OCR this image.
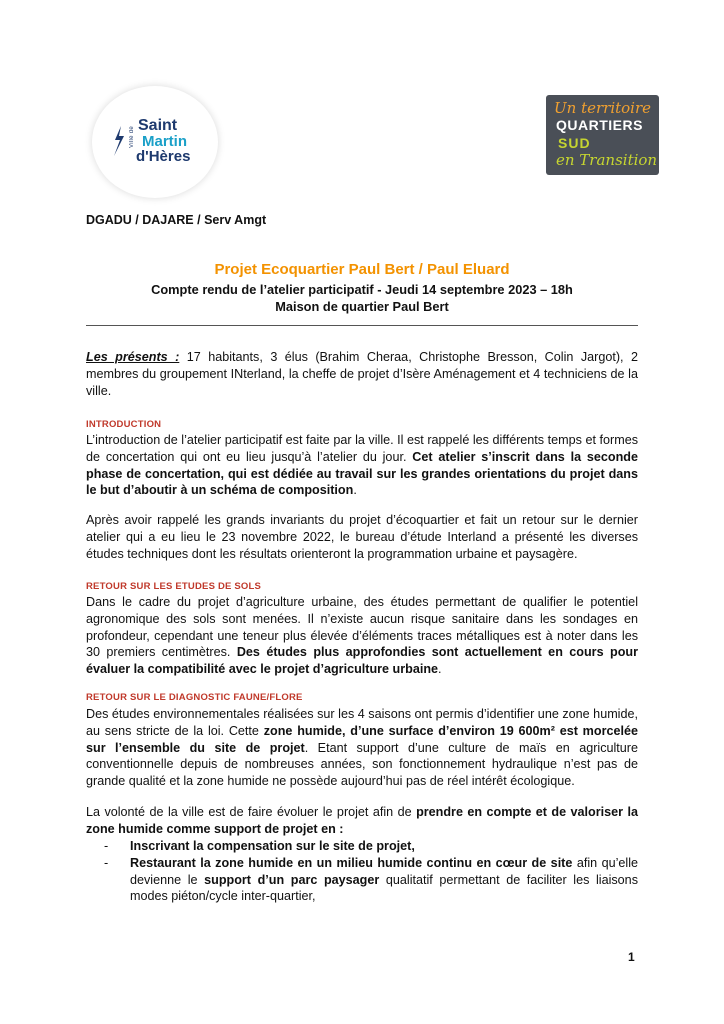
Ville de
Saint
Martin
d'Hères
Un territoire
QUARTIERS
SUD
en Transition
DGADU / DAJARE / Serv Amgt
Projet Ecoquartier Paul Bert / Paul Eluard
Compte rendu de l’atelier participatif - Jeudi 14 septembre 2023 – 18h
Maison de quartier Paul Bert
Les présents : 17 habitants, 3 élus (Brahim Cheraa, Christophe Bresson, Colin Jargot), 2 membres du groupement INterland, la cheffe de projet d’Isère Aménagement et 4 techniciens de la ville.
INTRODUCTION
L’introduction de l’atelier participatif est faite par la ville. Il est rappelé les différents temps et formes de concertation qui ont eu lieu jusqu’à l’atelier du jour. Cet atelier s’inscrit dans la seconde phase de concertation, qui est dédiée au travail sur les grandes orientations du projet dans le but d’aboutir à un schéma de composition.
Après avoir rappelé les grands invariants du projet d’écoquartier et fait un retour sur le dernier atelier qui a eu lieu le 23 novembre 2022, le bureau d’étude Interland a présenté les diverses études techniques dont les résultats orienteront la programmation urbaine et paysagère.
RETOUR SUR LES ETUDES DE SOLS
Dans le cadre du projet d’agriculture urbaine, des études permettant de qualifier le potentiel agronomique des sols sont menées. Il n’existe aucun risque sanitaire dans les sondages en profondeur, cependant une teneur plus élevée d’éléments traces métalliques est à noter dans les 30 premiers centimètres. Des études plus approfondies sont actuellement en cours pour évaluer la compatibilité avec le projet d’agriculture urbaine.
RETOUR SUR LE DIAGNOSTIC FAUNE/FLORE
Des études environnementales réalisées sur les 4 saisons ont permis d’identifier une zone humide, au sens stricte de la loi. Cette zone humide, d’une surface d’environ 19 600m² est morcelée sur l’ensemble du site de projet. Etant support d’une culture de maïs en agriculture conventionnelle depuis de nombreuses années, son fonctionnement hydraulique n’est pas de grande qualité et la zone humide ne possède aujourd’hui pas de réel intérêt écologique.
La volonté de la ville est de faire évoluer le projet afin de prendre en compte et de valoriser la zone humide comme support de projet en :
- Inscrivant la compensation sur le site de projet,
- Restaurant la zone humide en un milieu humide continu en cœur de site afin qu’elle devienne le support d’un parc paysager qualitatif permettant de faciliter les liaisons modes piéton/cycle inter-quartier,
1
